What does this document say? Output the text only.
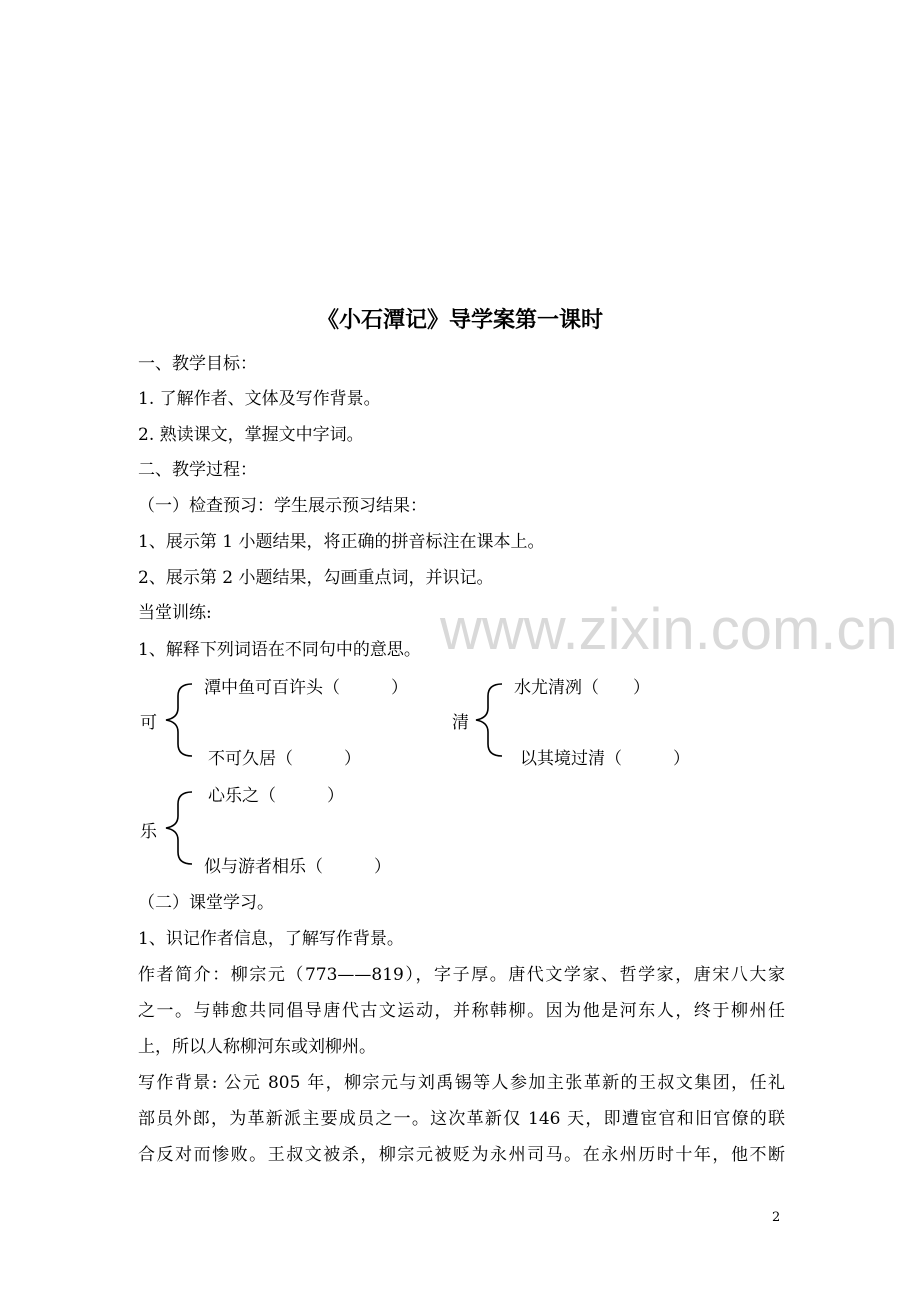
www.zixin.com.cn
《小石潭记》导学案第一课时
一、教学目标：
1. 了解作者、文体及写作背景。
2. 熟读课文，掌握文中字词。
二、教学过程：
（一）检查预习：学生展示预习结果：
1、展示第 1 小题结果，将正确的拼音标注在课本上。
2、展示第 2 小题结果，勾画重点词，并识记。
当堂训练:
1、解释下列词语在不同句中的意思。
可
潭中鱼可百许头（　　　）
不可久居（　　　）
清
水尤清冽（　　）
以其境过清（　　　）
乐
心乐之（　　　）
似与游者相乐（　　　）
（二）课堂学习。
1、识记作者信息，了解写作背景。
作者简介：柳宗元（773——819），字子厚。唐代文学家、哲学家，唐宋八大家
之一。与韩愈共同倡导唐代古文运动，并称韩柳。因为他是河东人，终于柳州任
上，所以人称柳河东或刘柳州。
写作背景: 公元 805 年，柳宗元与刘禹锡等人参加主张革新的王叔文集团，任礼
部员外郎，为革新派主要成员之一。这次革新仅 146 天，即遭宦官和旧官僚的联
合反对而惨败。王叔文被杀，柳宗元被贬为永州司马。在永州历时十年，他不断
2
